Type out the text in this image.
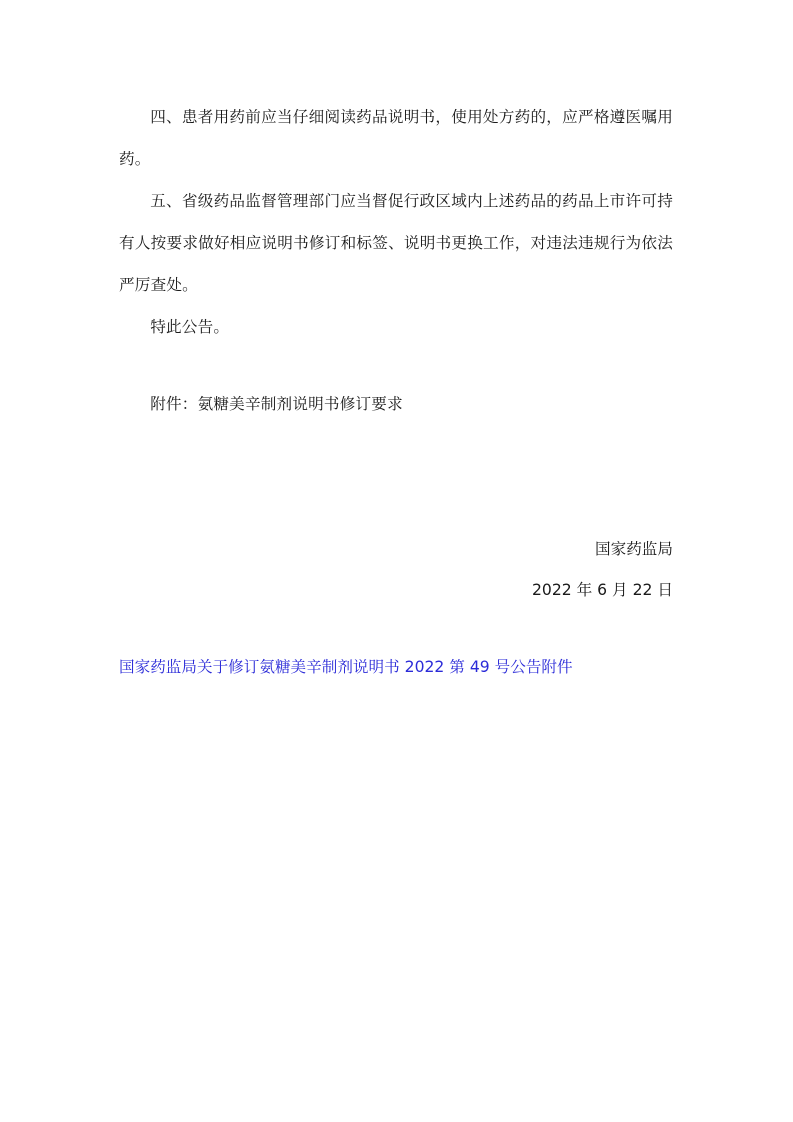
四、患者用药前应当仔细阅读药品说明书，使用处方药的，应严格遵医嘱用药。

五、省级药品监督管理部门应当督促行政区域内上述药品的药品上市许可持有人按要求做好相应说明书修订和标签、说明书更换工作，对违法违规行为依法严厉查处。

特此公告。

附件：氨糖美辛制剂说明书修订要求

国家药监局

2022 年 6 月 22 日

国家药监局关于修订氨糖美辛制剂说明书 2022 第 49 号公告附件
